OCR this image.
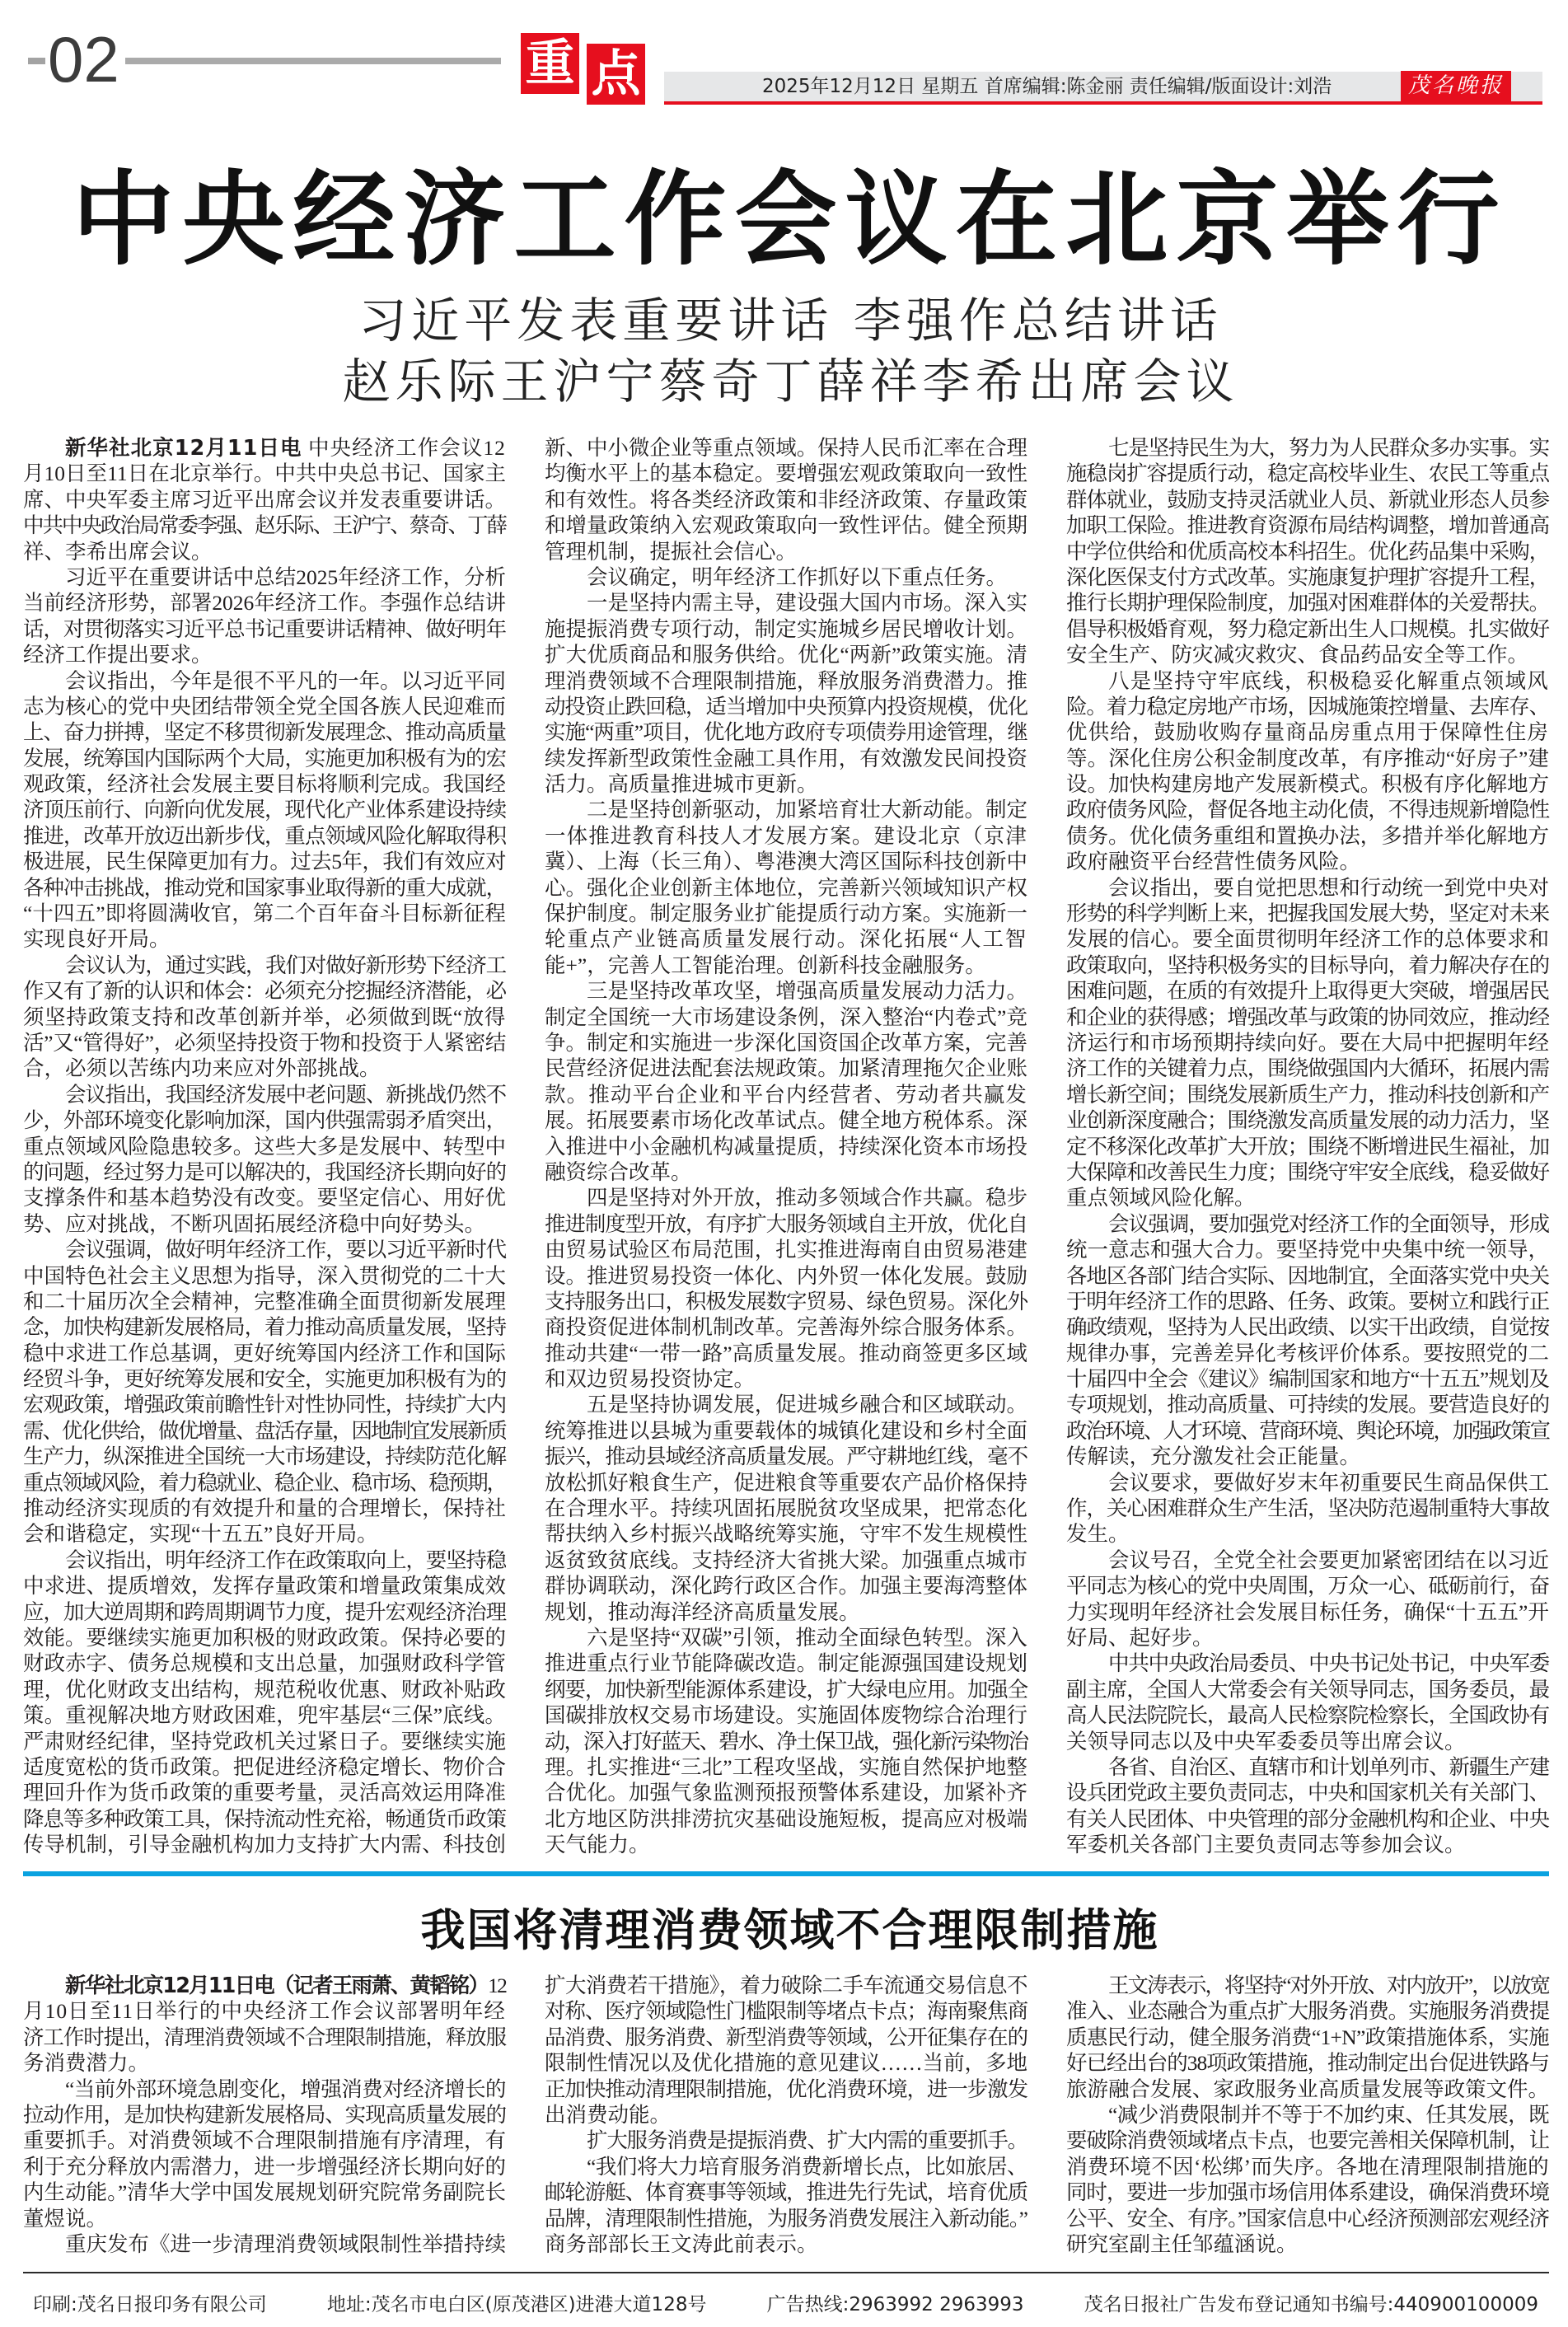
02	重 点	2025年12月12日 星期五 首席编辑:陈金丽 责任编辑/版面设计:刘浩	茂名晚报
中央经济工作会议在北京举行
习近平发表重要讲话 李强作总结讲话
赵乐际王沪宁蔡奇丁薛祥李希出席会议
新华社北京12月11日电 中央经济工作会议12
月10日至11日在北京举行。中共中央总书记、国家主
席、中央军委主席习近平出席会议并发表重要讲话。
中共中央政治局常委李强、赵乐际、王沪宁、蔡奇、丁薛
祥、李希出席会议。
习近平在重要讲话中总结2025年经济工作，分析
当前经济形势，部署2026年经济工作。李强作总结讲
话，对贯彻落实习近平总书记重要讲话精神、做好明年
经济工作提出要求。
会议指出，今年是很不平凡的一年。以习近平同
志为核心的党中央团结带领全党全国各族人民迎难而
上、奋力拼搏，坚定不移贯彻新发展理念、推动高质量
发展，统筹国内国际两个大局，实施更加积极有为的宏
观政策，经济社会发展主要目标将顺利完成。我国经
济顶压前行、向新向优发展，现代化产业体系建设持续
推进，改革开放迈出新步伐，重点领域风险化解取得积
极进展，民生保障更加有力。过去5年，我们有效应对
各种冲击挑战，推动党和国家事业取得新的重大成就，
“十四五”即将圆满收官，第二个百年奋斗目标新征程
实现良好开局。
会议认为，通过实践，我们对做好新形势下经济工
作又有了新的认识和体会：必须充分挖掘经济潜能，必
须坚持政策支持和改革创新并举，必须做到既“放得
活”又“管得好”，必须坚持投资于物和投资于人紧密结
合，必须以苦练内功来应对外部挑战。
会议指出，我国经济发展中老问题、新挑战仍然不
少，外部环境变化影响加深，国内供强需弱矛盾突出，
重点领域风险隐患较多。这些大多是发展中、转型中
的问题，经过努力是可以解决的，我国经济长期向好的
支撑条件和基本趋势没有改变。要坚定信心、用好优
势、应对挑战，不断巩固拓展经济稳中向好势头。
会议强调，做好明年经济工作，要以习近平新时代
中国特色社会主义思想为指导，深入贯彻党的二十大
和二十届历次全会精神，完整准确全面贯彻新发展理
念，加快构建新发展格局，着力推动高质量发展，坚持
稳中求进工作总基调，更好统筹国内经济工作和国际
经贸斗争，更好统筹发展和安全，实施更加积极有为的
宏观政策，增强政策前瞻性针对性协同性，持续扩大内
需、优化供给，做优增量、盘活存量，因地制宜发展新质
生产力，纵深推进全国统一大市场建设，持续防范化解
重点领域风险，着力稳就业、稳企业、稳市场、稳预期，
推动经济实现质的有效提升和量的合理增长，保持社
会和谐稳定，实现“十五五”良好开局。
会议指出，明年经济工作在政策取向上，要坚持稳
中求进、提质增效，发挥存量政策和增量政策集成效
应，加大逆周期和跨周期调节力度，提升宏观经济治理
效能。要继续实施更加积极的财政政策。保持必要的
财政赤字、债务总规模和支出总量，加强财政科学管
理，优化财政支出结构，规范税收优惠、财政补贴政
策。重视解决地方财政困难，兜牢基层“三保”底线。
严肃财经纪律，坚持党政机关过紧日子。要继续实施
适度宽松的货币政策。把促进经济稳定增长、物价合
理回升作为货币政策的重要考量，灵活高效运用降准
降息等多种政策工具，保持流动性充裕，畅通货币政策
传导机制，引导金融机构加力支持扩大内需、科技创
新、中小微企业等重点领域。保持人民币汇率在合理
均衡水平上的基本稳定。要增强宏观政策取向一致性
和有效性。将各类经济政策和非经济政策、存量政策
和增量政策纳入宏观政策取向一致性评估。健全预期
管理机制，提振社会信心。
会议确定，明年经济工作抓好以下重点任务。
一是坚持内需主导，建设强大国内市场。深入实
施提振消费专项行动，制定实施城乡居民增收计划。
扩大优质商品和服务供给。优化“两新”政策实施。清
理消费领域不合理限制措施，释放服务消费潜力。推
动投资止跌回稳，适当增加中央预算内投资规模，优化
实施“两重”项目，优化地方政府专项债券用途管理，继
续发挥新型政策性金融工具作用，有效激发民间投资
活力。高质量推进城市更新。
二是坚持创新驱动，加紧培育壮大新动能。制定
一体推进教育科技人才发展方案。建设北京（京津
冀）、上海（长三角）、粤港澳大湾区国际科技创新中
心。强化企业创新主体地位，完善新兴领域知识产权
保护制度。制定服务业扩能提质行动方案。实施新一
轮重点产业链高质量发展行动。深化拓展“人工智
能+”，完善人工智能治理。创新科技金融服务。
三是坚持改革攻坚，增强高质量发展动力活力。
制定全国统一大市场建设条例，深入整治“内卷式”竞
争。制定和实施进一步深化国资国企改革方案，完善
民营经济促进法配套法规政策。加紧清理拖欠企业账
款。推动平台企业和平台内经营者、劳动者共赢发
展。拓展要素市场化改革试点。健全地方税体系。深
入推进中小金融机构减量提质，持续深化资本市场投
融资综合改革。
四是坚持对外开放，推动多领域合作共赢。稳步
推进制度型开放，有序扩大服务领域自主开放，优化自
由贸易试验区布局范围，扎实推进海南自由贸易港建
设。推进贸易投资一体化、内外贸一体化发展。鼓励
支持服务出口，积极发展数字贸易、绿色贸易。深化外
商投资促进体制机制改革。完善海外综合服务体系。
推动共建“一带一路”高质量发展。推动商签更多区域
和双边贸易投资协定。
五是坚持协调发展，促进城乡融合和区域联动。
统筹推进以县城为重要载体的城镇化建设和乡村全面
振兴，推动县域经济高质量发展。严守耕地红线，毫不
放松抓好粮食生产，促进粮食等重要农产品价格保持
在合理水平。持续巩固拓展脱贫攻坚成果，把常态化
帮扶纳入乡村振兴战略统筹实施，守牢不发生规模性
返贫致贫底线。支持经济大省挑大梁。加强重点城市
群协调联动，深化跨行政区合作。加强主要海湾整体
规划，推动海洋经济高质量发展。
六是坚持“双碳”引领，推动全面绿色转型。深入
推进重点行业节能降碳改造。制定能源强国建设规划
纲要，加快新型能源体系建设，扩大绿电应用。加强全
国碳排放权交易市场建设。实施固体废物综合治理行
动，深入打好蓝天、碧水、净土保卫战，强化新污染物治
理。扎实推进“三北”工程攻坚战，实施自然保护地整
合优化。加强气象监测预报预警体系建设，加紧补齐
北方地区防洪排涝抗灾基础设施短板，提高应对极端
天气能力。
七是坚持民生为大，努力为人民群众多办实事。实
施稳岗扩容提质行动，稳定高校毕业生、农民工等重点
群体就业，鼓励支持灵活就业人员、新就业形态人员参
加职工保险。推进教育资源布局结构调整，增加普通高
中学位供给和优质高校本科招生。优化药品集中采购，
深化医保支付方式改革。实施康复护理扩容提升工程，
推行长期护理保险制度，加强对困难群体的关爱帮扶。
倡导积极婚育观，努力稳定新出生人口规模。扎实做好
安全生产、防灾减灾救灾、食品药品安全等工作。
八是坚持守牢底线，积极稳妥化解重点领域风
险。着力稳定房地产市场，因城施策控增量、去库存、
优供给，鼓励收购存量商品房重点用于保障性住房
等。深化住房公积金制度改革，有序推动“好房子”建
设。加快构建房地产发展新模式。积极有序化解地方
政府债务风险，督促各地主动化债，不得违规新增隐性
债务。优化债务重组和置换办法，多措并举化解地方
政府融资平台经营性债务风险。
会议指出，要自觉把思想和行动统一到党中央对
形势的科学判断上来，把握我国发展大势，坚定对未来
发展的信心。要全面贯彻明年经济工作的总体要求和
政策取向，坚持积极务实的目标导向，着力解决存在的
困难问题，在质的有效提升上取得更大突破，增强居民
和企业的获得感；增强改革与政策的协同效应，推动经
济运行和市场预期持续向好。要在大局中把握明年经
济工作的关键着力点，围绕做强国内大循环，拓展内需
增长新空间；围绕发展新质生产力，推动科技创新和产
业创新深度融合；围绕激发高质量发展的动力活力，坚
定不移深化改革扩大开放；围绕不断增进民生福祉，加
大保障和改善民生力度；围绕守牢安全底线，稳妥做好
重点领域风险化解。
会议强调，要加强党对经济工作的全面领导，形成
统一意志和强大合力。要坚持党中央集中统一领导，
各地区各部门结合实际、因地制宜，全面落实党中央关
于明年经济工作的思路、任务、政策。要树立和践行正
确政绩观，坚持为人民出政绩、以实干出政绩，自觉按
规律办事，完善差异化考核评价体系。要按照党的二
十届四中全会《建议》编制国家和地方“十五五”规划及
专项规划，推动高质量、可持续的发展。要营造良好的
政治环境、人才环境、营商环境、舆论环境，加强政策宣
传解读，充分激发社会正能量。
会议要求，要做好岁末年初重要民生商品保供工
作，关心困难群众生产生活，坚决防范遏制重特大事故
发生。
会议号召，全党全社会要更加紧密团结在以习近
平同志为核心的党中央周围，万众一心、砥砺前行，奋
力实现明年经济社会发展目标任务，确保“十五五”开
好局、起好步。
中共中央政治局委员、中央书记处书记，中央军委
副主席，全国人大常委会有关领导同志，国务委员，最
高人民法院院长，最高人民检察院检察长，全国政协有
关领导同志以及中央军委委员等出席会议。
各省、自治区、直辖市和计划单列市、新疆生产建
设兵团党政主要负责同志，中央和国家机关有关部门、
有关人民团体、中央管理的部分金融机构和企业、中央
军委机关各部门主要负责同志等参加会议。
我国将清理消费领域不合理限制措施
新华社北京12月11日电（记者王雨萧、黄韬铭）12
月10日至11日举行的中央经济工作会议部署明年经
济工作时提出，清理消费领域不合理限制措施，释放服
务消费潜力。
“当前外部环境急剧变化，增强消费对经济增长的
拉动作用，是加快构建新发展格局、实现高质量发展的
重要抓手。对消费领域不合理限制措施有序清理，有
利于充分释放内需潜力，进一步增强经济长期向好的
内生动能。”清华大学中国发展规划研究院常务副院长
董煜说。
重庆发布《进一步清理消费领域限制性举措持续
扩大消费若干措施》，着力破除二手车流通交易信息不
对称、医疗领域隐性门槛限制等堵点卡点；海南聚焦商
品消费、服务消费、新型消费等领域，公开征集存在的
限制性情况以及优化措施的意见建议……当前，多地
正加快推动清理限制措施，优化消费环境，进一步激发
出消费动能。
扩大服务消费是提振消费、扩大内需的重要抓手。
“我们将大力培育服务消费新增长点，比如旅居、
邮轮游艇、体育赛事等领域，推进先行先试，培育优质
品牌，清理限制性措施，为服务消费发展注入新动能。”
商务部部长王文涛此前表示。
王文涛表示，将坚持“对外开放、对内放开”，以放宽
准入、业态融合为重点扩大服务消费。实施服务消费提
质惠民行动，健全服务消费“1+N”政策措施体系，实施
好已经出台的38项政策措施，推动制定出台促进铁路与
旅游融合发展、家政服务业高质量发展等政策文件。
“减少消费限制并不等于不加约束、任其发展，既
要破除消费领域堵点卡点，也要完善相关保障机制，让
消费环境不因‘松绑’而失序。各地在清理限制措施的
同时，要进一步加强市场信用体系建设，确保消费环境
公平、安全、有序。”国家信息中心经济预测部宏观经济
研究室副主任邹蕴涵说。
印刷:茂名日报印务有限公司	地址:茂名市电白区(原茂港区)进港大道128号	广告热线:2963992 2963993	茂名日报社广告发布登记通知书编号:440900100009
